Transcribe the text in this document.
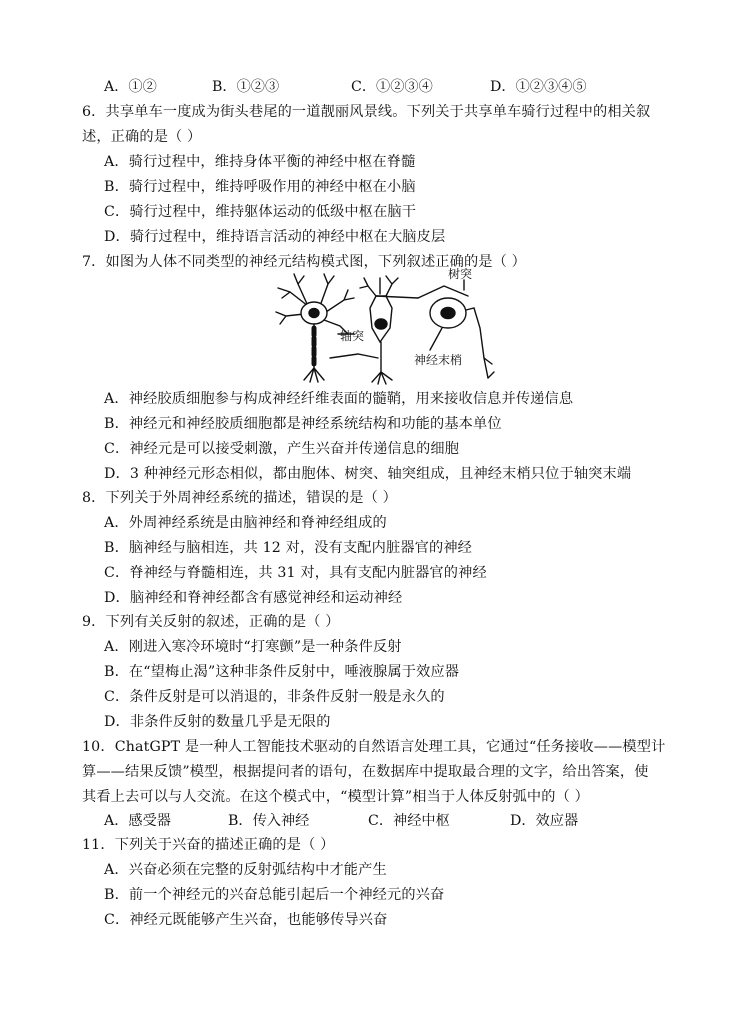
A．①②	B．①②③	C．①②③④	D．①②③④⑤
6．共享单车一度成为街头巷尾的一道靓丽风景线。下列关于共享单车骑行过程中的相关叙
述，正确的是（ ）
A．骑行过程中，维持身体平衡的神经中枢在脊髓
B．骑行过程中，维持呼吸作用的神经中枢在小脑
C．骑行过程中，维持躯体运动的低级中枢在脑干
D．骑行过程中，维持语言活动的神经中枢在大脑皮层
7．如图为人体不同类型的神经元结构模式图，下列叙述正确的是（ ）
树突
轴突
神经末梢
A．神经胶质细胞参与构成神经纤维表面的髓鞘，用来接收信息并传递信息
B．神经元和神经胶质细胞都是神经系统结构和功能的基本单位
C．神经元是可以接受刺激，产生兴奋并传递信息的细胞
D．3 种神经元形态相似，都由胞体、树突、轴突组成，且神经末梢只位于轴突末端
8．下列关于外周神经系统的描述，错误的是（ ）
A．外周神经系统是由脑神经和脊神经组成的
B．脑神经与脑相连，共 12 对，没有支配内脏器官的神经
C．脊神经与脊髓相连，共 31 对，具有支配内脏器官的神经
D．脑神经和脊神经都含有感觉神经和运动神经
9．下列有关反射的叙述，正确的是（ ）
A．刚进入寒冷环境时“打寒颤”是一种条件反射
B．在“望梅止渴”这种非条件反射中，唾液腺属于效应器
C．条件反射是可以消退的，非条件反射一般是永久的
D．非条件反射的数量几乎是无限的
10．ChatGPT 是一种人工智能技术驱动的自然语言处理工具，它通过“任务接收——模型计
算——结果反馈”模型，根据提问者的语句，在数据库中提取最合理的文字，给出答案，使
其看上去可以与人交流。在这个模式中，“模型计算”相当于人体反射弧中的（ ）
A．感受器	B．传入神经	C．神经中枢	D．效应器
11．下列关于兴奋的描述正确的是（ ）
A．兴奋必须在完整的反射弧结构中才能产生
B．前一个神经元的兴奋总能引起后一个神经元的兴奋
C．神经元既能够产生兴奋，也能够传导兴奋
